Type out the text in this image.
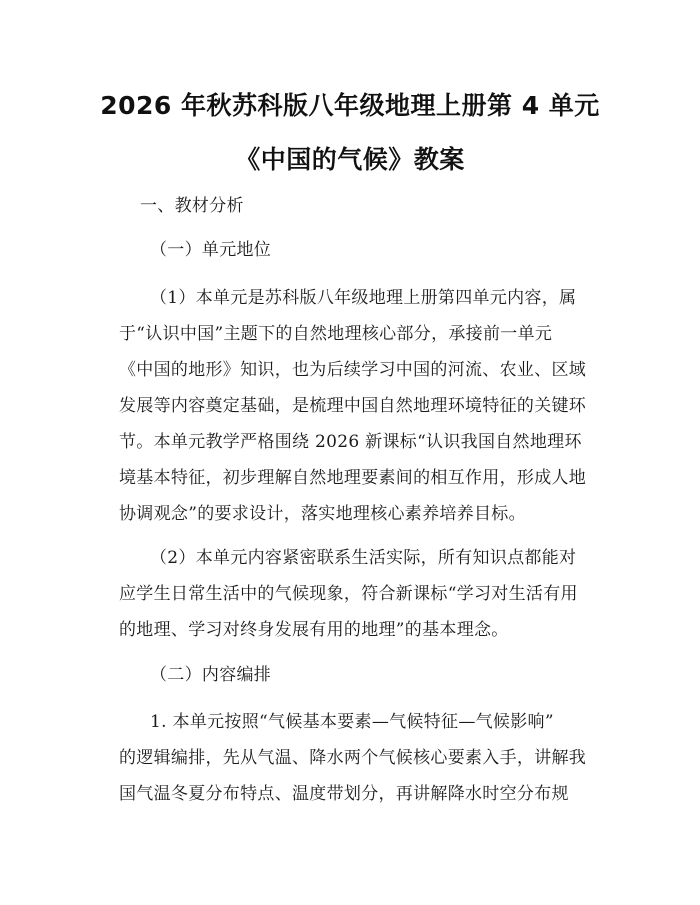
2026 年秋苏科版八年级地理上册第 4 单元
《中国的气候》教案
一、教材分析
（一）单元地位
（1）本单元是苏科版八年级地理上册第四单元内容，属
于“认识中国”主题下的自然地理核心部分，承接前一单元
《中国的地形》知识，也为后续学习中国的河流、农业、区域
发展等内容奠定基础，是梳理中国自然地理环境特征的关键环
节。本单元教学严格围绕 2026 新课标“认识我国自然地理环
境基本特征，初步理解自然地理要素间的相互作用，形成人地
协调观念”的要求设计，落实地理核心素养培养目标。
（2）本单元内容紧密联系生活实际，所有知识点都能对
应学生日常生活中的气候现象，符合新课标“学习对生活有用
的地理、学习对终身发展有用的地理”的基本理念。
（二）内容编排
1. 本单元按照“气候基本要素—气候特征—气候影响”
的逻辑编排，先从气温、降水两个气候核心要素入手，讲解我
国气温冬夏分布特点、温度带划分，再讲解降水时空分布规
